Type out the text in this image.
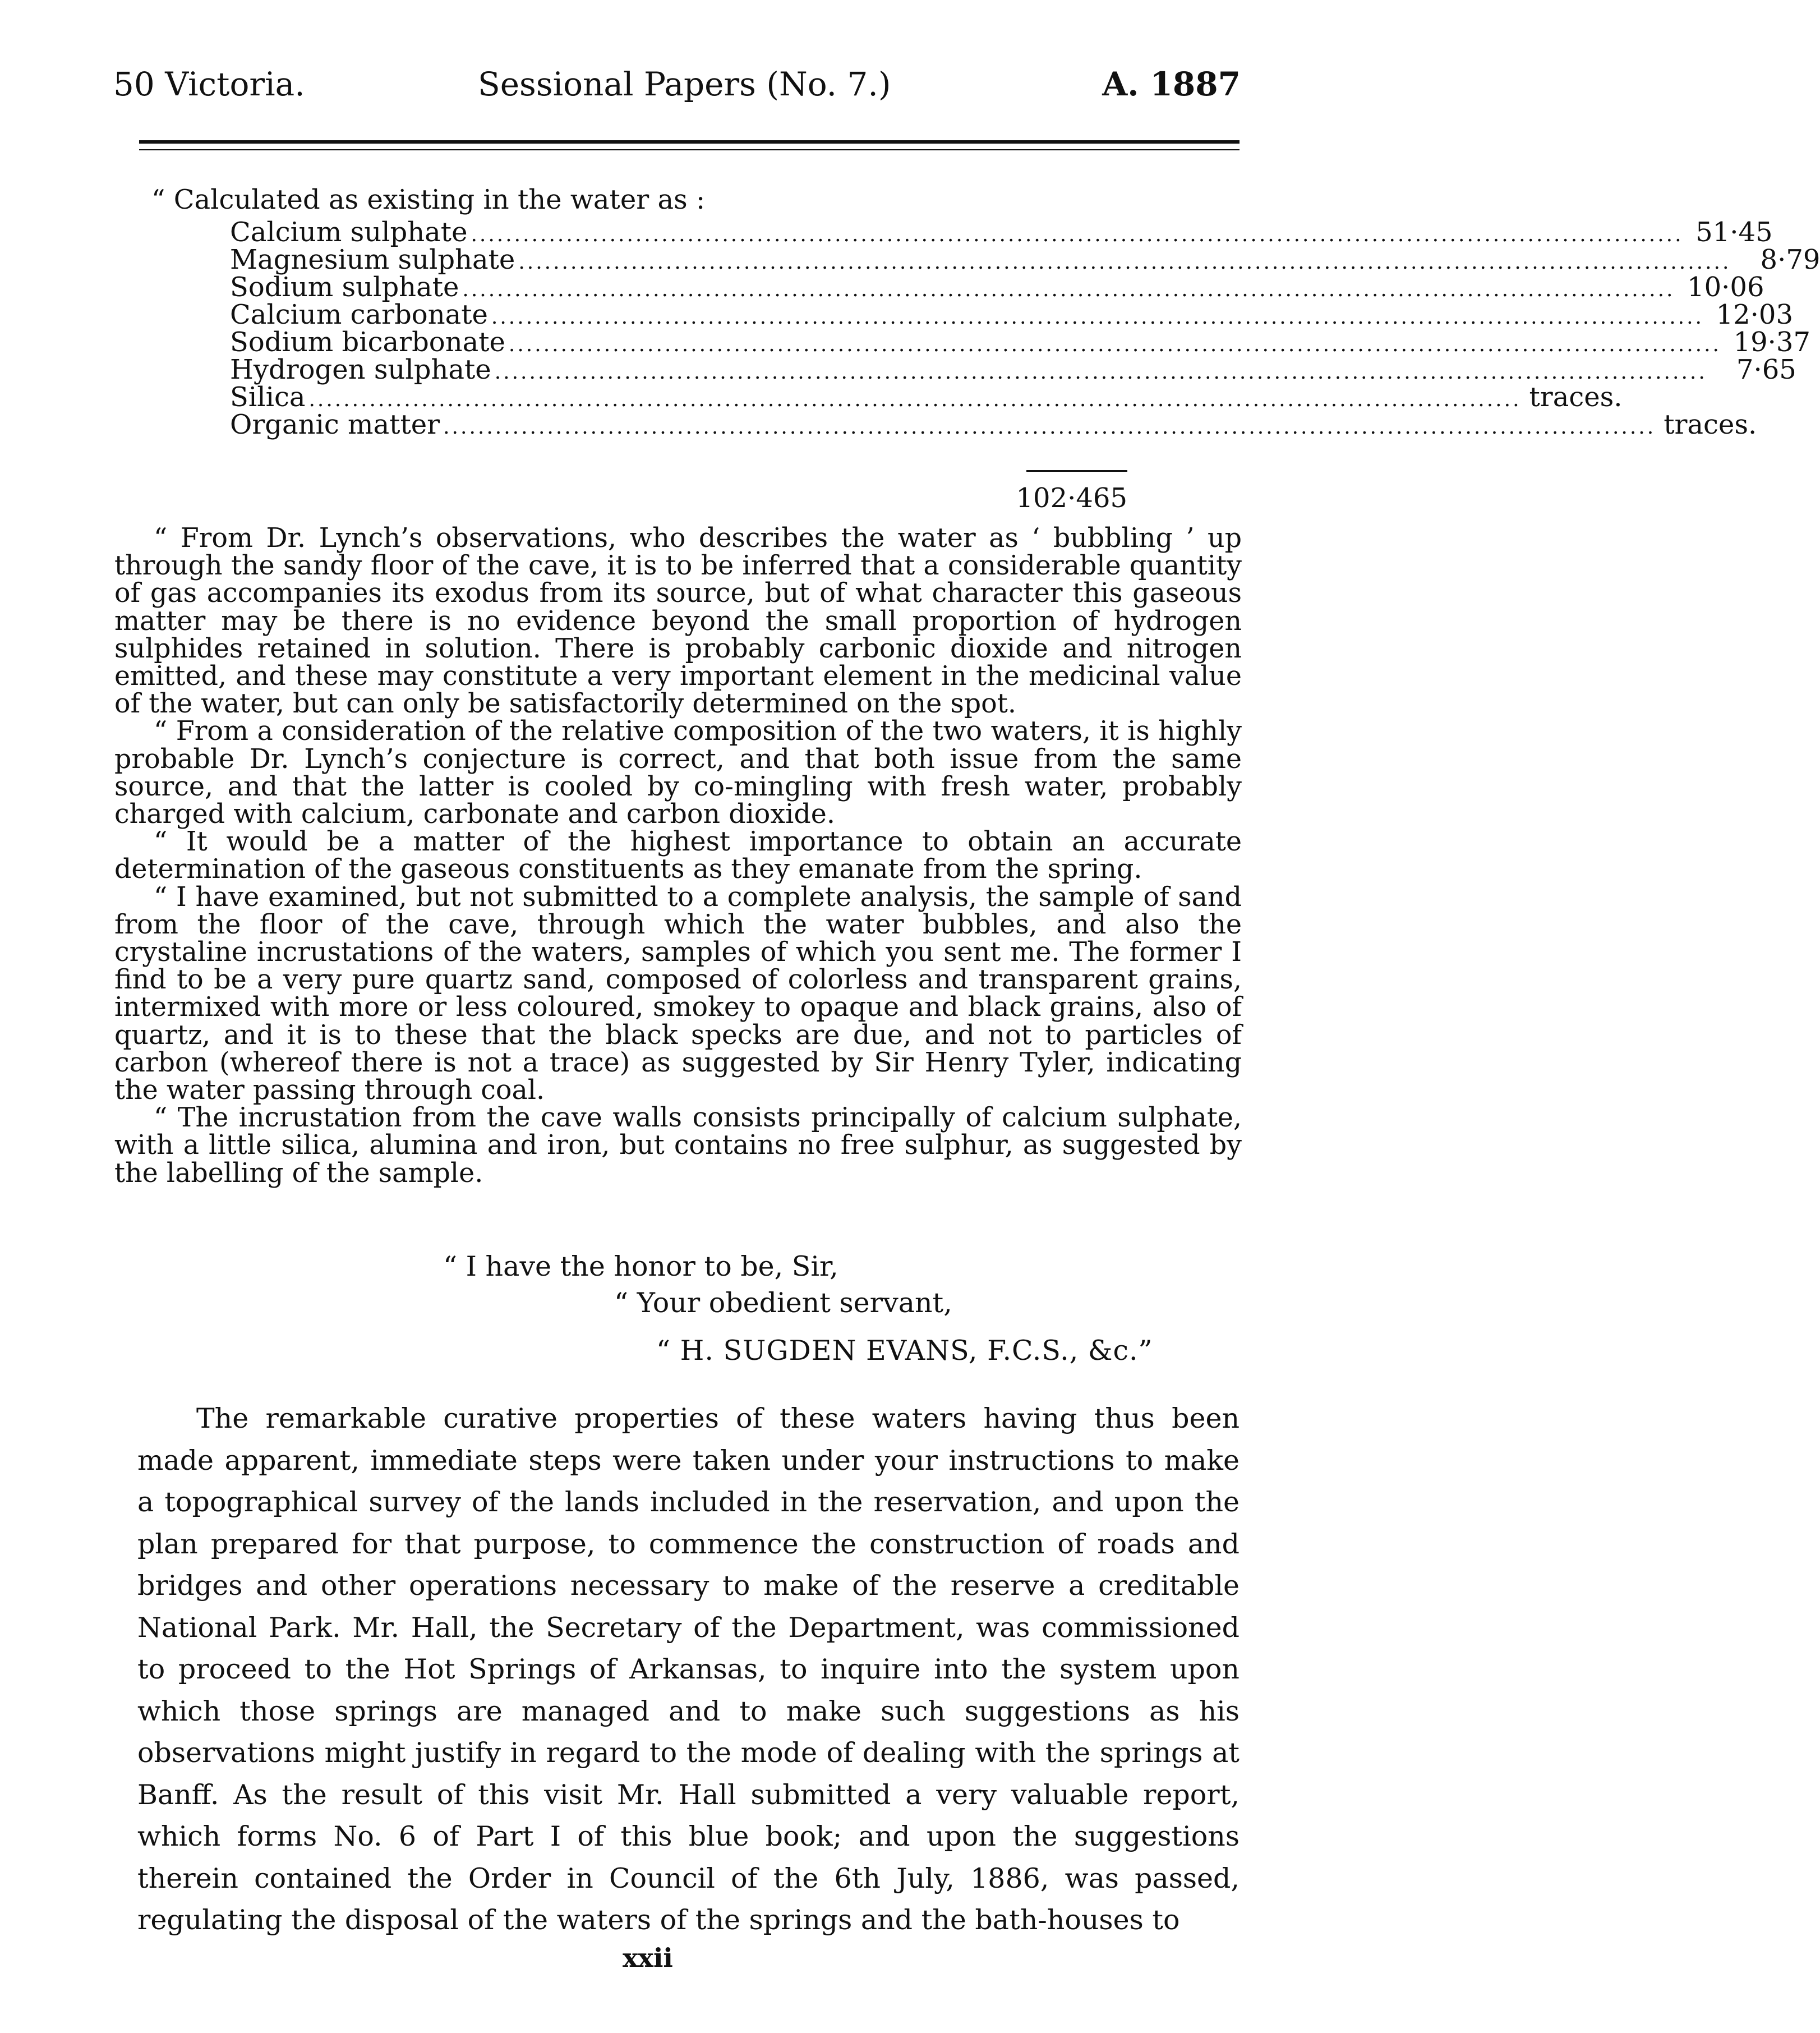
50 Victoria.	Sessional Papers (No. 7.)	A. 1887
“ Calculated as existing in the water as :
Calcium sulphate ............................................................................................................................................ 51·45
Magnesium sulphate ............................................................................................................................................	8·79
Sodium sulphate ............................................................................................................................................ 10·06
Calcium carbonate ............................................................................................................................................ 12·03
Sodium bicarbonate ............................................................................................................................................ 19·37
Hydrogen sulphate ............................................................................................................................................	7·65
Silica ............................................................................................................................................ traces.
Organic matter ............................................................................................................................................ traces.
102·465

“ From Dr. Lynch’s observations, who describes the water as ‘ bubbling ’ up through the sandy floor of the cave, it is to be inferred that a considerable quantity of gas accompanies its exodus from its source, but of what character this gaseous matter may be there is no evidence beyond the small proportion of hydrogen sulphides retained in solution. There is probably carbonic dioxide and nitrogen emitted, and these may constitute a very important element in the medicinal value of the water, but can only be satisfactorily determined on the spot.

“ From a consideration of the relative composition of the two waters, it is highly probable Dr. Lynch’s conjecture is correct, and that both issue from the same source, and that the latter is cooled by co-mingling with fresh water, probably charged with calcium, carbonate and carbon dioxide.

“ It would be a matter of the highest importance to obtain an accurate determination of the gaseous constituents as they emanate from the spring.

“ I have examined, but not submitted to a complete analysis, the sample of sand from the floor of the cave, through which the water bubbles, and also the crystaline incrustations of the waters, samples of which you sent me. The former I find to be a very pure quartz sand, composed of colorless and transparent grains, intermixed with more or less coloured, smokey to opaque and black grains, also of quartz, and it is to these that the black specks are due, and not to particles of carbon (whereof there is not a trace) as suggested by Sir Henry Tyler, indicating the water passing through coal.

“ The incrustation from the cave walls consists principally of calcium sulphate, with a little silica, alumina and iron, but contains no free sulphur, as suggested by the labelling of the sample.

“ I have the honor to be, Sir,
“ Your obedient servant,
“ H. SUGDEN EVANS, F.C.S., &c.”

The remarkable curative properties of these waters having thus been made apparent, immediate steps were taken under your instructions to make a topographical survey of the lands included in the reservation, and upon the plan prepared for that purpose, to commence the construction of roads and bridges and other operations necessary to make of the reserve a creditable National Park. Mr. Hall, the Secretary of the Department, was commissioned to proceed to the Hot Springs of Arkansas, to inquire into the system upon which those springs are managed and to make such suggestions as his observations might justify in regard to the mode of dealing with the springs at Banff. As the result of this visit Mr. Hall submitted a very valuable report, which forms No. 6 of Part I of this blue book; and upon the suggestions therein contained the Order in Council of the 6th July, 1886, was passed, regulating the disposal of the waters of the springs and the bath-houses to

xxii
